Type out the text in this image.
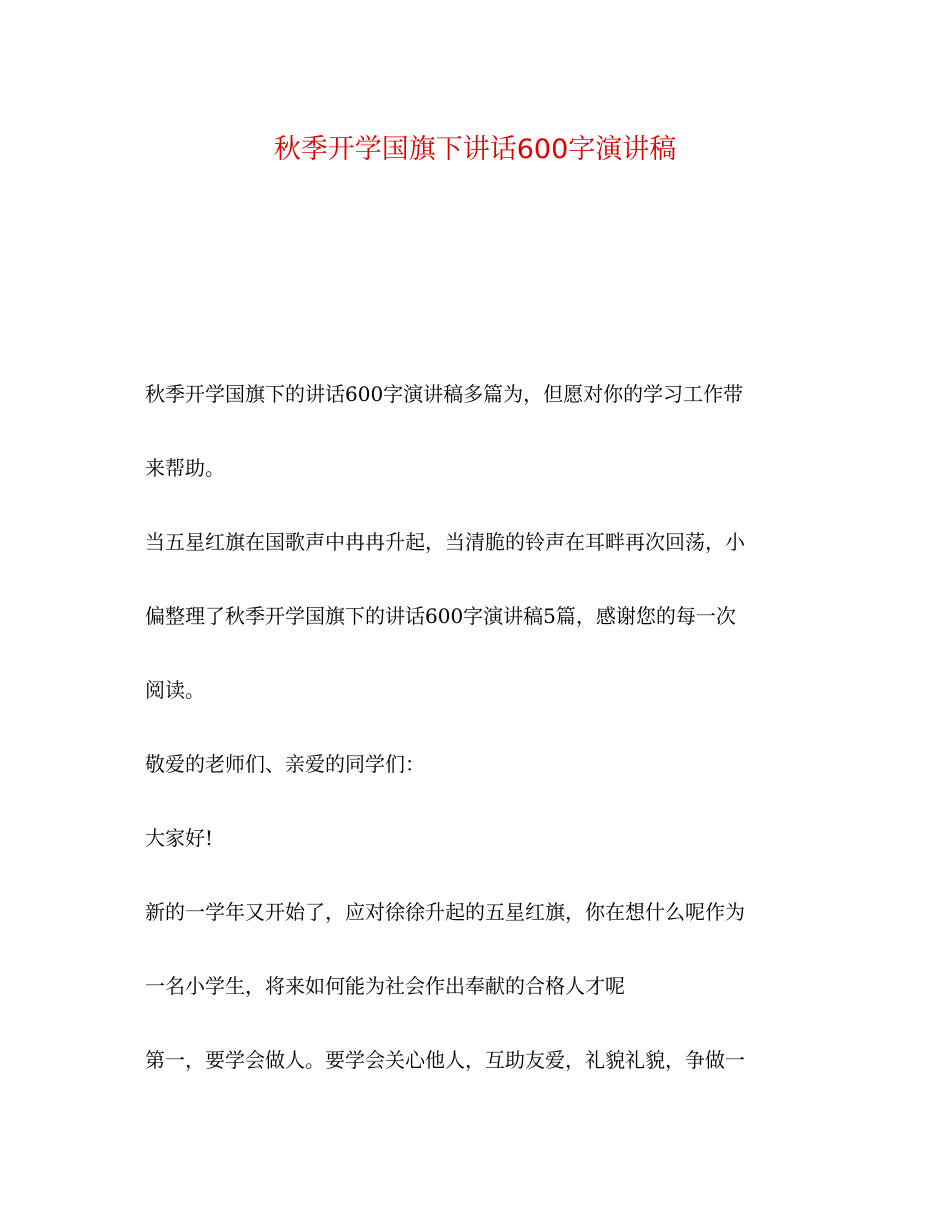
秋季开学国旗下讲话600字演讲稿
秋季开学国旗下的讲话600字演讲稿多篇为，但愿对你的学习工作带
来帮助。
当五星红旗在国歌声中冉冉升起，当清脆的铃声在耳畔再次回荡，小
偏整理了秋季开学国旗下的讲话600字演讲稿5篇，感谢您的每一次
阅读。
敬爱的老师们、亲爱的同学们：
大家好!
新的一学年又开始了，应对徐徐升起的五星红旗，你在想什么呢作为
一名小学生，将来如何能为社会作出奉献的合格人才呢
第一，要学会做人。要学会关心他人，互助友爱，礼貌礼貌，争做一
